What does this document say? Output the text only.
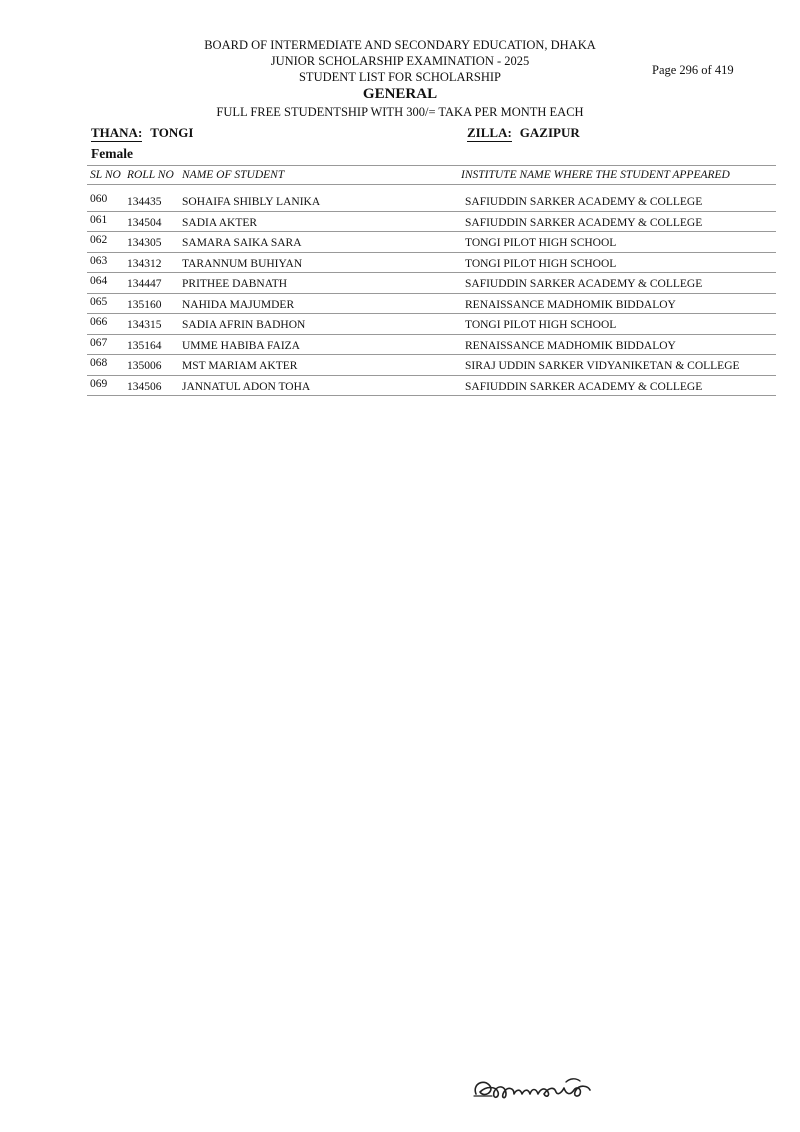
BOARD OF INTERMEDIATE AND SECONDARY EDUCATION, DHAKA
JUNIOR SCHOLARSHIP EXAMINATION - 2025
STUDENT LIST FOR SCHOLARSHIP
GENERAL
FULL FREE STUDENTSHIP WITH 300/= TAKA PER MONTH EACH
Page 296 of 419
THANA: TONGI	ZILLA: GAZIPUR
Female
SL NO ROLL NO NAME OF STUDENT	INSTITUTE NAME WHERE THE STUDENT APPEARED
060 134435 SOHAIFA SHIBLY LANIKA	SAFIUDDIN SARKER ACADEMY & COLLEGE
061 134504 SADIA AKTER	SAFIUDDIN SARKER ACADEMY & COLLEGE
062 134305 SAMARA SAIKA SARA	TONGI PILOT HIGH SCHOOL
063 134312 TARANNUM BUHIYAN	TONGI PILOT HIGH SCHOOL
064 134447 PRITHEE DABNATH	SAFIUDDIN SARKER ACADEMY & COLLEGE
065 135160 NAHIDA MAJUMDER	RENAISSANCE MADHOMIK BIDDALOY
066 134315 SADIA AFRIN BADHON	TONGI PILOT HIGH SCHOOL
067 135164 UMME HABIBA FAIZA	RENAISSANCE MADHOMIK BIDDALOY
068 135006 MST MARIAM AKTER	SIRAJ UDDIN SARKER VIDYANIKETAN & COLLEGE
069 134506 JANNATUL ADON TOHA	SAFIUDDIN SARKER ACADEMY & COLLEGE
